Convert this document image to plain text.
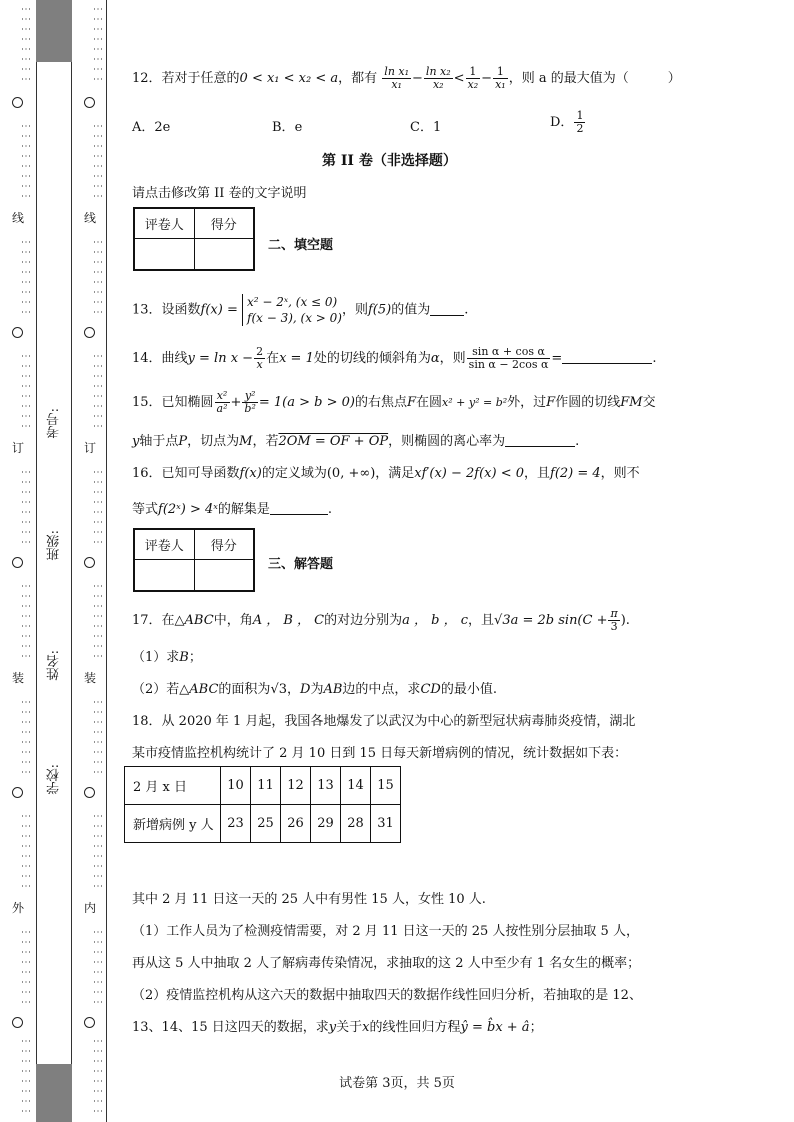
⋮⋮⋮⋮⋮⋮⋮⋮
⋮⋮⋮⋮⋮⋮⋮⋮
线
⋮⋮⋮⋮⋮⋮⋮⋮
⋮⋮⋮⋮⋮⋮⋮⋮
订
⋮⋮⋮⋮⋮⋮⋮⋮
⋮⋮⋮⋮⋮⋮⋮⋮
装
⋮⋮⋮⋮⋮⋮⋮⋮
⋮⋮⋮⋮⋮⋮⋮⋮
外
⋮⋮⋮⋮⋮⋮⋮⋮
⋮⋮⋮⋮⋮⋮⋮⋮
考号:
班级:
姓名:
学校:
⋮⋮⋮⋮⋮⋮⋮⋮
⋮⋮⋮⋮⋮⋮⋮⋮
线
⋮⋮⋮⋮⋮⋮⋮⋮
⋮⋮⋮⋮⋮⋮⋮⋮
订
⋮⋮⋮⋮⋮⋮⋮⋮
⋮⋮⋮⋮⋮⋮⋮⋮
装
⋮⋮⋮⋮⋮⋮⋮⋮
⋮⋮⋮⋮⋮⋮⋮⋮
内
⋮⋮⋮⋮⋮⋮⋮⋮
⋮⋮⋮⋮⋮⋮⋮⋮
12．若对于任意的0 < x₁ < x₂ < a，都有 $\frac{\text{ln x₁}}{\text{x₁}} - \frac{\text{ln x₂}}{\text{x₂}} < \frac{1}{\text{x₂}} - \frac{1}{\text{x₁}}$ ，则 a 的最大值为（　　　）
A．2e	B．e	C．1	D． $\frac{1}{2}$
第 II 卷（非选择题）
请点击修改第 II 卷的文字说明
评卷人	得分

二、填空题
13．设函数f(x) =
x² − 2ˣ, (x ≤ 0)
f(x − 3), (x > 0)
，则f(5)的值为	.
14．曲线$y = \ln x - \frac{2}{x}$ 在x = 1处的切线的倾斜角为α，则 $\frac{\text{sin α + cos α}}{\text{sin α − 2cos α}}$ =	.
15．已知椭圆 $\frac{\text{x²}}{\text{a²}} + \frac{\text{y²}}{\text{b²}} = 1(a > b > 0)$的右焦点F在圆x² + y² = b²外，过F作圆的切线FM交
y轴于点P，切点为M，若2OM = OF + OP，则椭圆的离心率为	.
16．已知可导函数f(x)的定义域为(0, +∞)，满足xf′(x) − 2f(x) < 0，且f(2) = 4，则不
等式f(2ˣ) > 4ˣ的解集是	.
评卷人	得分

三、解答题
17．在△ABC中，角A ， B ， C的对边分别为a ， b ， c，且√3a = 2b $\sin(C + \frac{\pi}{3}$ ).
（1）求B；
（2）若△ABC的面积为√3，D为AB边的中点，求CD的最小值.
18．从 2020 年 1 月起，我国各地爆发了以武汉为中心的新型冠状病毒肺炎疫情，湖北
某市疫情监控机构统计了 2 月 10 日到 15 日每天新增病例的情况，统计数据如下表：
2 月 x 日	10	11	12	13	14	15
新增病例 y 人	23	25	26	29	28	31
其中 2 月 11 日这一天的 25 人中有男性 15 人，女性 10 人.
（1）工作人员为了检测疫情需要，对 2 月 11 日这一天的 25 人按性别分层抽取 5 人，
再从这 5 人中抽取 2 人了解病毒传染情况，求抽取的这 2 人中至少有 1 名女生的概率；
（2）疫情监控机构从这六天的数据中抽取四天的数据作线性回归分析，若抽取的是 12、
13、14、15 日这四天的数据，求y关于x的线性回归方程ŷ = b̂x + â；
试卷第 3页，共 5页
